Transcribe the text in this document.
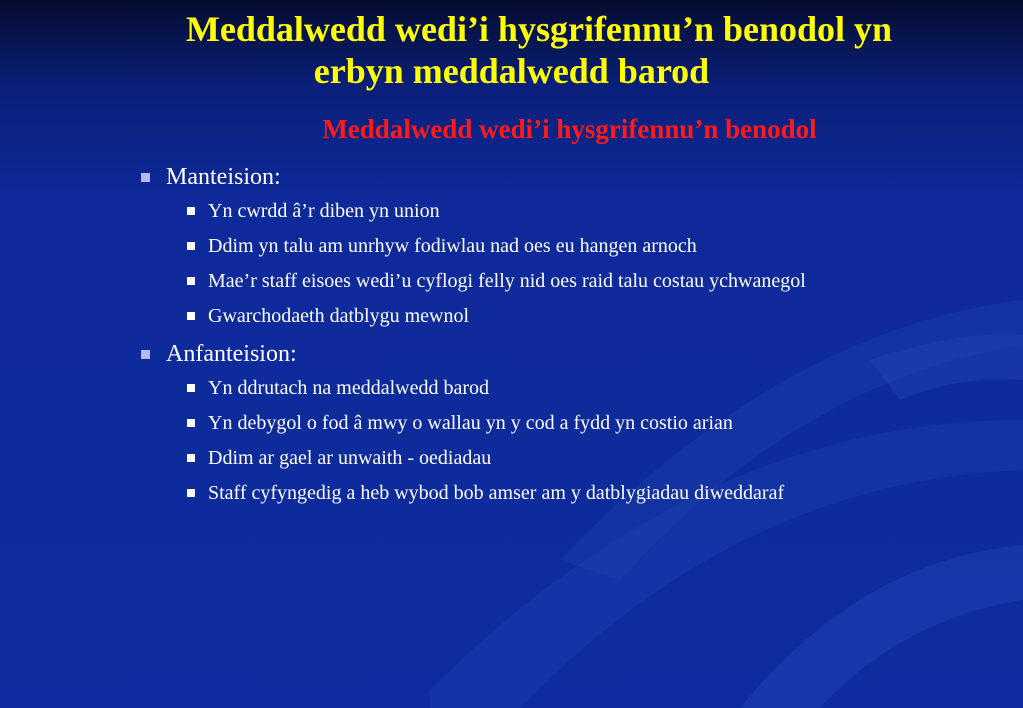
Meddalwedd wedi’i hysgrifennu’n benodol yn
erbyn meddalwedd barod
Meddalwedd wedi’i hysgrifennu’n benodol
Manteision:
Yn cwrdd â’r diben yn union
Ddim yn talu am unrhyw fodiwlau nad oes eu hangen arnoch
Mae’r staff eisoes wedi’u cyflogi felly nid oes raid talu costau ychwanegol
Gwarchodaeth datblygu mewnol
Anfanteision:
Yn ddrutach na meddalwedd barod
Yn debygol o fod â mwy o wallau yn y cod a fydd yn costio arian
Ddim ar gael ar unwaith - oediadau
Staff cyfyngedig a heb wybod bob amser am y datblygiadau diweddaraf
